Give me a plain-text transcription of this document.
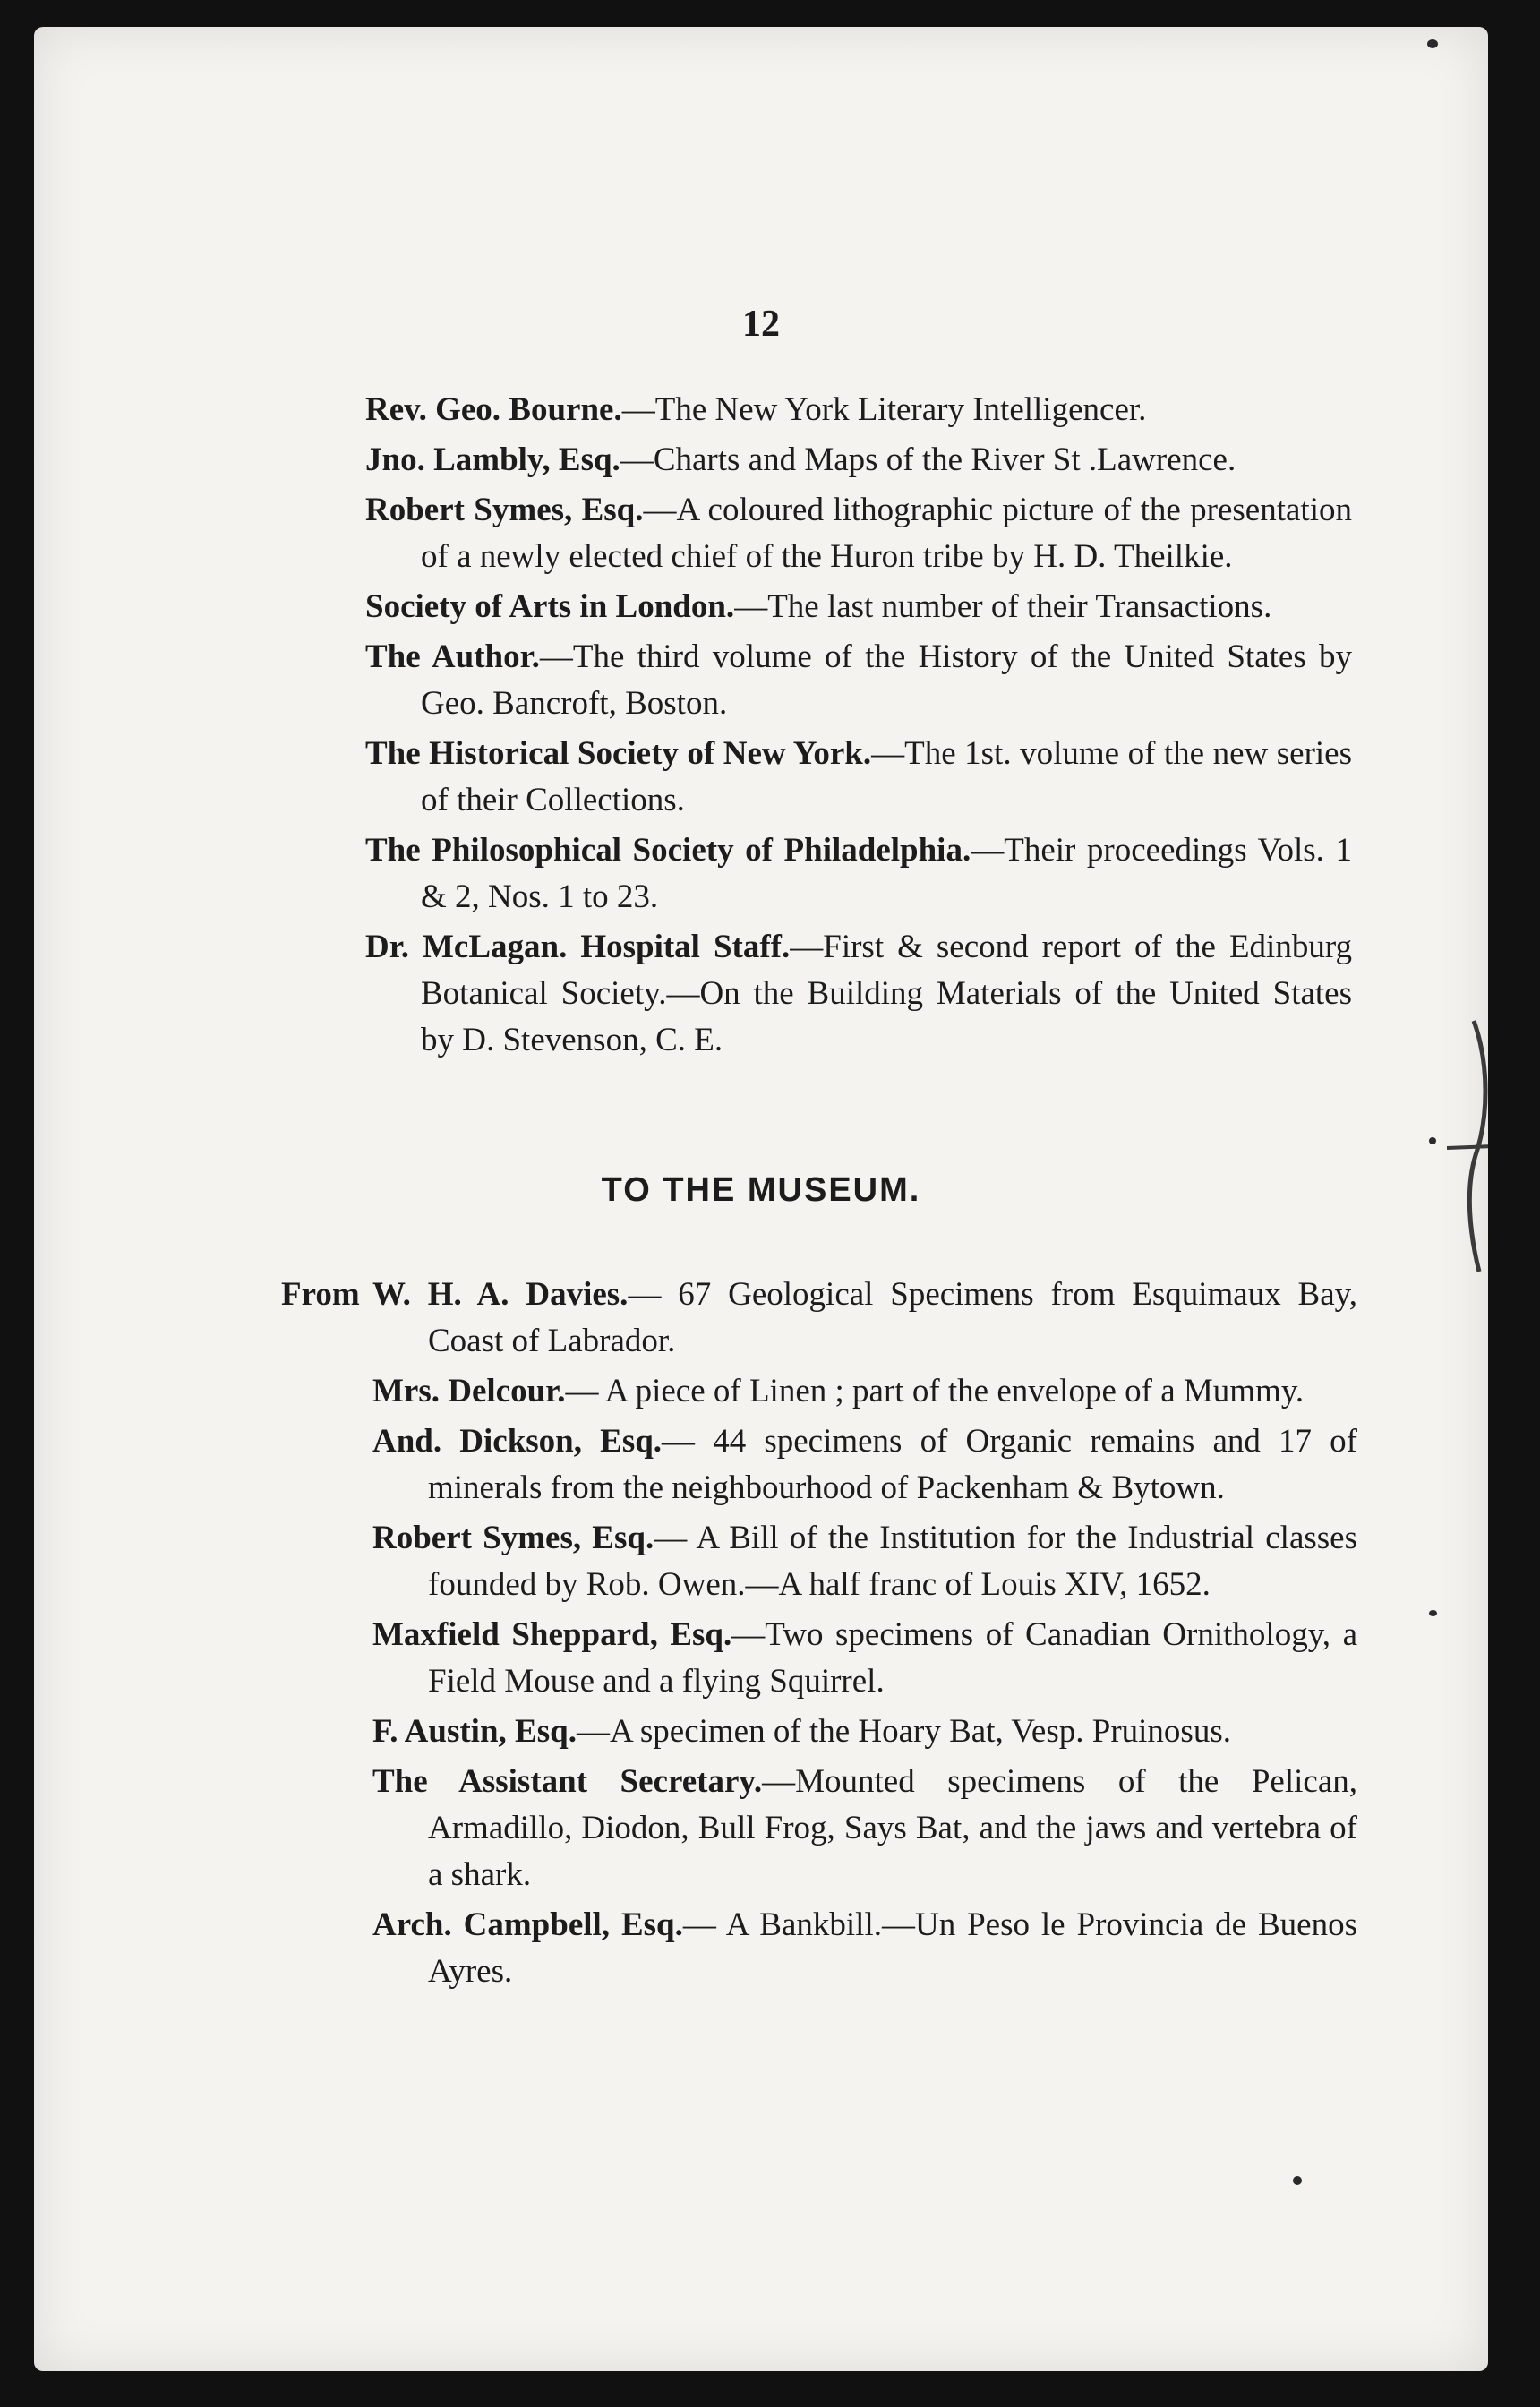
12

Rev. Geo. Bourne.—The New York Literary Intelligencer.
Jno. Lambly, Esq.—Charts and Maps of the River St .Lawrence.
Robert Symes, Esq.—A coloured lithographic picture of the presentation of a newly elected chief of the Huron tribe by H. D. Theilkie.
Society of Arts in London.—The last number of their Transactions.
The Author.—The third volume of the History of the United States by Geo. Bancroft, Boston.
The Historical Society of New York.—The 1st. volume of the new series of their Collections.
The Philosophical Society of Philadelphia.—Their proceedings Vols. 1 & 2, Nos. 1 to 23.
Dr. McLagan. Hospital Staff.—First & second report of the Edinburg Botanical Society.—On the Building Materials of the United States by D. Stevenson, C. E.
TO THE MUSEUM.
From W. H. A. Davies.— 67 Geological Specimens from Esquimaux Bay, Coast of Labrador.
Mrs. Delcour.— A piece of Linen ; part of the envelope of a Mummy.
And. Dickson, Esq.— 44 specimens of Organic remains and 17 of minerals from the neighbourhood of Packenham & Bytown.
Robert Symes, Esq.— A Bill of the Institution for the Industrial classes founded by Rob. Owen.—A half franc of Louis XIV, 1652.
Maxfield Sheppard, Esq.—Two specimens of Canadian Ornithology, a Field Mouse and a flying Squirrel.
F. Austin, Esq.—A specimen of the Hoary Bat, Vesp. Pruinosus.
The Assistant Secretary.—Mounted specimens of the Pelican, Armadillo, Diodon, Bull Frog, Says Bat, and the jaws and vertebra of a shark.
Arch. Campbell, Esq.— A Bankbill.—Un Peso le Provincia de Buenos Ayres.
